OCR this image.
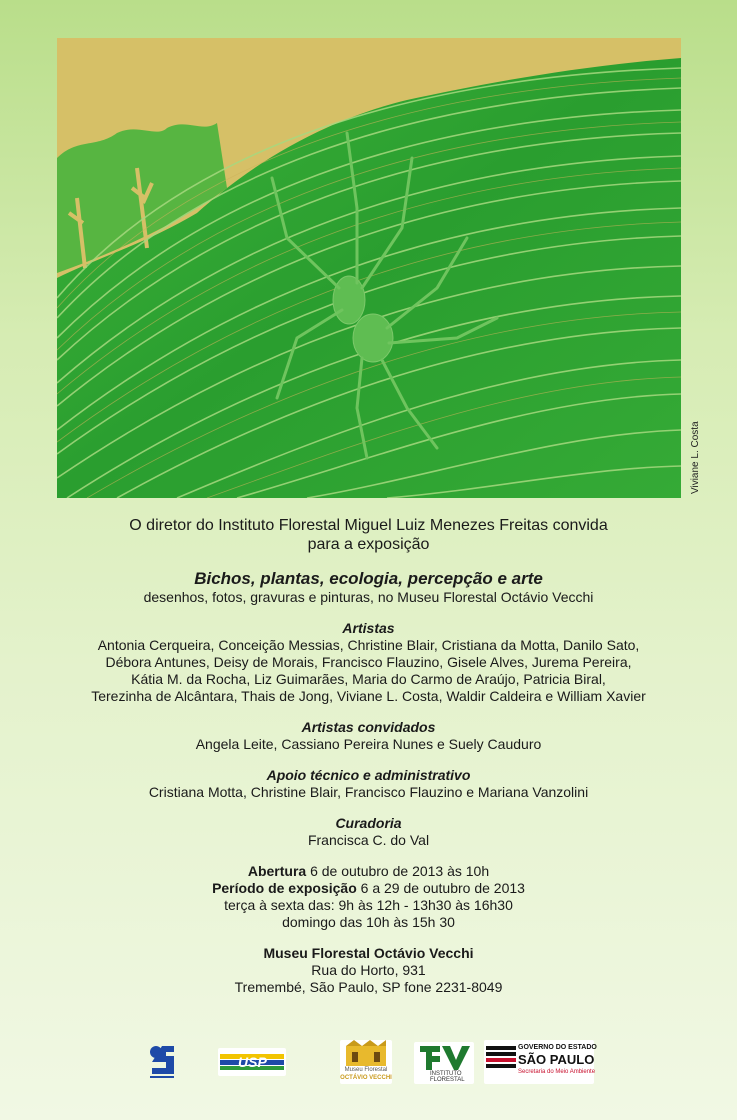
Viviane L. Costa
O diretor do Instituto Florestal Miguel Luiz Menezes Freitas convida
para a exposição
Bichos, plantas, ecologia, percepção e arte
desenhos, fotos, gravuras e pinturas, no Museu Florestal Octávio Vecchi
Artistas
Antonia Cerqueira, Conceição Messias, Christine Blair, Cristiana da Motta, Danilo Sato,
Débora Antunes, Deisy de Morais, Francisco Flauzino, Gisele Alves, Jurema Pereira,
Kátia M. da Rocha, Liz Guimarães, Maria do Carmo de Araújo, Patricia Biral,
Terezinha de Alcântara, Thais de Jong, Viviane L. Costa, Waldir Caldeira e William Xavier
Artistas convidados
Angela Leite, Cassiano Pereira Nunes e Suely Cauduro
Apoio técnico e administrativo
Cristiana Motta, Christine Blair, Francisco Flauzino e Mariana Vanzolini
Curadoria
Francisca C. do Val
Abertura 6 de outubro de 2013 às 10h
Período de exposição 6 a 29 de outubro de 2013
terça à sexta das: 9h às 12h - 13h30 às 16h30
domingo das 10h às 15h 30
Museu Florestal Octávio Vecchi
Rua do Horto, 931
Tremembé, São Paulo, SP fone 2231-8049
USP	Museu Florestal
OCTÁVIO VECCHI
INSTITUTO
FLORESTAL
GOVERNO DO ESTADO
SÃO PAULO
Secretaria do Meio Ambiente
